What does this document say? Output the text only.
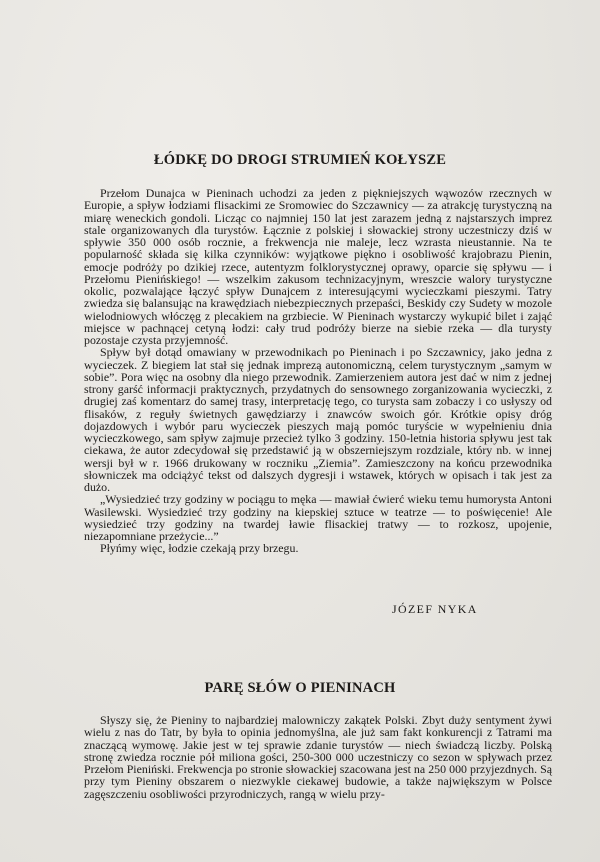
ŁÓDKĘ DO DROGI STRUMIEŃ KOŁYSZE

Przełom Dunajca w Pieninach uchodzi za jeden z piękniejszych wąwozów rzecznych w Europie, a spływ łodziami flisackimi ze Sromowiec do Szczawnicy — za atrakcję turystyczną na miarę weneckich gondoli. Licząc co najmniej 150 lat jest zarazem jedną z najstarszych imprez stale organizowanych dla turystów. Łącznie z polskiej i słowackiej strony uczestniczy dziś w spływie 350 000 osób rocznie, a frekwencja nie maleje, lecz wzrasta nieustannie. Na te popularność składa się kilka czynników: wyjątkowe piękno i osobliwość krajobrazu Pienin, emocje podróży po dzikiej rzece, autentyzm folklorystycznej oprawy, oparcie się spływu — i Przełomu Pienińskiego! — wszelkim zakusom technizacyjnym, wreszcie walory turystyczne okolic, pozwalające łączyć spływ Dunajcem z interesującymi wycieczkami pieszymi. Tatry zwiedza się balansując na krawędziach niebezpiecznych przepaści, Beskidy czy Sudety w mozole wielodniowych włóczęg z plecakiem na grzbiecie. W Pieninach wystarczy wykupić bilet i zająć miejsce w pachnącej cetyną łodzi: cały trud podróży bierze na siebie rzeka — dla turysty pozostaje czysta przyjemność.

Spływ był dotąd omawiany w przewodnikach po Pieninach i po Szczawnicy, jako jedna z wycieczek. Z biegiem lat stał się jednak imprezą autonomiczną, celem turystycznym „samym w sobie”. Pora więc na osobny dla niego przewodnik. Zamierzeniem autora jest dać w nim z jednej strony garść informacji praktycznych, przydatnych do sensownego zorganizowania wycieczki, z drugiej zaś komentarz do samej trasy, interpretację tego, co turysta sam zobaczy i co usłyszy od flisaków, z reguły świetnych gawędziarzy i znawców swoich gór. Krótkie opisy dróg dojazdowych i wybór paru wycieczek pieszych mają pomóc turyście w wypełnieniu dnia wycieczkowego, sam spływ zajmuje przecież tylko 3 godziny. 150-letnia historia spływu jest tak ciekawa, że autor zdecydował się przedstawić ją w obszerniejszym rozdziale, który nb. w innej wersji był w r. 1966 drukowany w roczniku „Ziemia”. Zamieszczony na końcu przewodnika słowniczek ma odciążyć tekst od dalszych dygresji i wstawek, których w opisach i tak jest za dużo.

„Wysiedzieć trzy godziny w pociągu to męka — mawiał ćwierć wieku temu humorysta Antoni Wasilewski. Wysiedzieć trzy godziny na kiepskiej sztuce w teatrze — to poświęcenie! Ale wysiedzieć trzy godziny na twardej ławie flisackiej tratwy — to rozkosz, upojenie, niezapomniane przeżycie...”

Płyńmy więc, łodzie czekają przy brzegu.

JÓZEF NYKA
PARĘ SŁÓW O PIENINACH

Słyszy się, że Pieniny to najbardziej malowniczy zakątek Polski. Zbyt duży sentyment żywi wielu z nas do Tatr, by była to opinia jednomyślna, ale już sam fakt konkurencji z Tatrami ma znaczącą wymowę. Jakie jest w tej sprawie zdanie turystów — niech świadczą liczby. Polską stronę zwiedza rocznie pół miliona gości, 250-300 000 uczestniczy co sezon w spływach przez Przełom Pieniński. Frekwencja po stronie słowackiej szacowana jest na 250 000 przyjezdnych. Są przy tym Pieniny obszarem o niezwykle ciekawej budowie, a także największym w Polsce zagęszczeniu osobliwości przyrodniczych, rangą w wielu przy-
